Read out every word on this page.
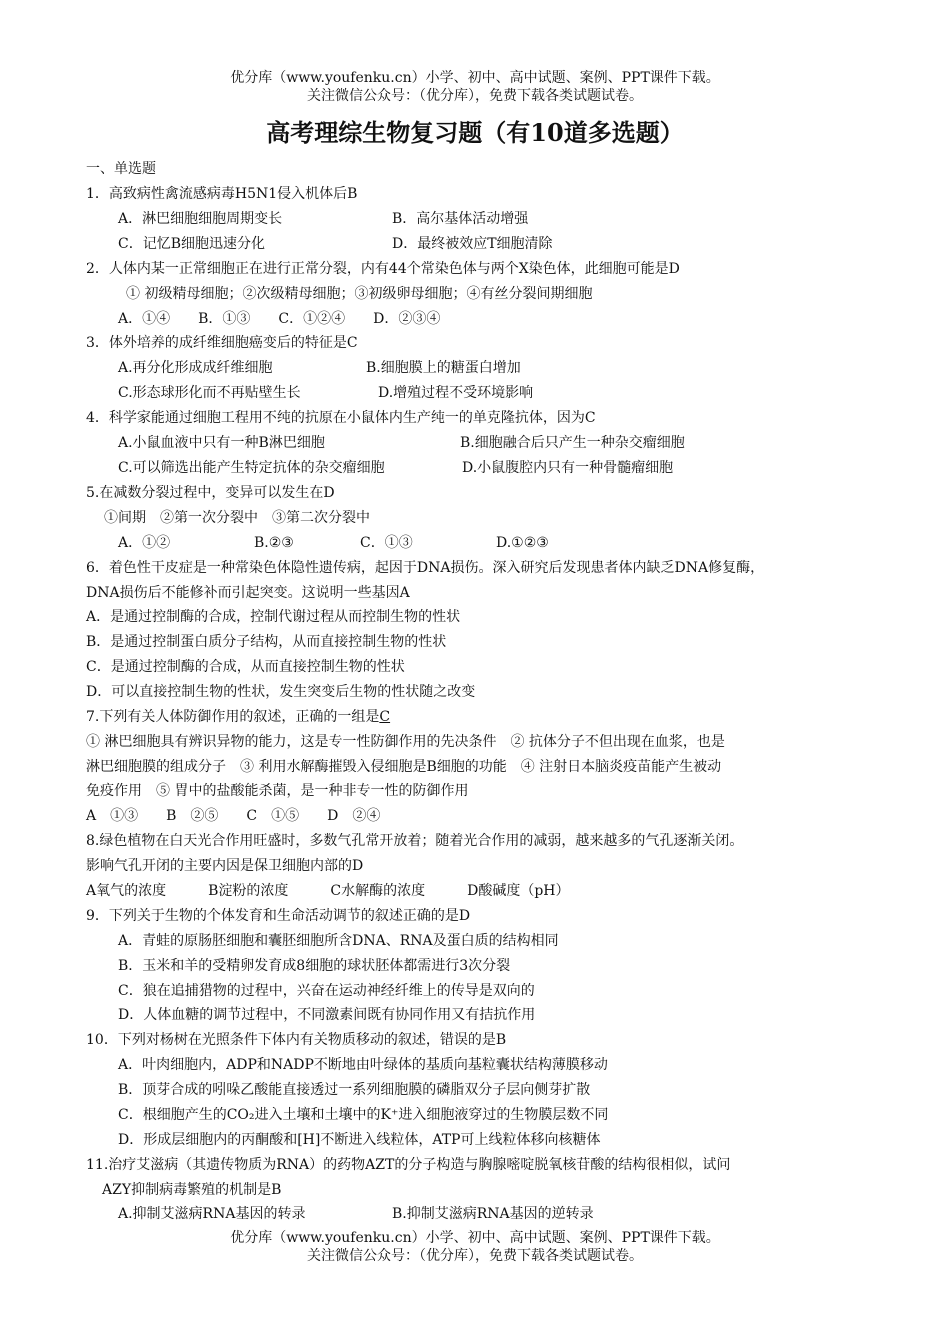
优分库（www.youfenku.cn）小学、初中、高中试题、案例、PPT课件下载。
关注微信公众号：（优分库），免费下载各类试题试卷。
高考理综生物复习题（有10道多选题）
一、单选题
1．高致病性禽流感病毒H5N1侵入机体后B
A．淋巴细胞细胞周期变长	B．高尔基体活动增强
C．记忆B细胞迅速分化	D．最终被效应T细胞清除
2．人体内某一正常细胞正在进行正常分裂，内有44个常染色体与两个X染色体，此细胞可能是D
① 初级精母细胞；②次级精母细胞；③初级卵母细胞；④有丝分裂间期细胞
A．①④　　B．①③　　C．①②④　　D．②③④
3．体外培养的成纤维细胞癌变后的特征是C
A.再分化形成成纤维细胞	B.细胞膜上的糖蛋白增加
C.形态球形化而不再贴壁生长	D.增殖过程不受环境影响
4．科学家能通过细胞工程用不纯的抗原在小鼠体内生产纯一的单克隆抗体，因为C
A.小鼠血液中只有一种B淋巴细胞	B.细胞融合后只产生一种杂交瘤细胞
C.可以筛选出能产生特定抗体的杂交瘤细胞	D.小鼠腹腔内只有一种骨髓瘤细胞
5.在减数分裂过程中，变异可以发生在D
①间期　②第一次分裂中　③第二次分裂中
A．①②	B.②③	C．①③	D.①②③
6．着色性干皮症是一种常染色体隐性遗传病，起因于DNA损伤。深入研究后发现患者体内缺乏DNA修复酶，
DNA损伤后不能修补而引起突变。这说明一些基因A
A．是通过控制酶的合成，控制代谢过程从而控制生物的性状
B．是通过控制蛋白质分子结构，从而直接控制生物的性状
C．是通过控制酶的合成，从而直接控制生物的性状
D．可以直接控制生物的性状，发生突变后生物的性状随之改变
7.下列有关人体防御作用的叙述，正确的一组是C
① 淋巴细胞具有辨识异物的能力，这是专一性防御作用的先决条件　② 抗体分子不但出现在血浆，也是
淋巴细胞膜的组成分子　③ 利用水解酶摧毁入侵细胞是B细胞的功能　④ 注射日本脑炎疫苗能产生被动
免疫作用　⑤ 胃中的盐酸能杀菌，是一种非专一性的防御作用
A　①③　　B　②⑤　　C　①⑤　　D　②④
8.绿色植物在白天光合作用旺盛时，多数气孔常开放着；随着光合作用的减弱，越来越多的气孔逐渐关闭。
影响气孔开闭的主要内因是保卫细胞内部的D
A氧气的浓度　　　B淀粉的浓度　　　C水解酶的浓度　　　D酸碱度（pH）
9．下列关于生物的个体发育和生命活动调节的叙述正确的是D
A．青蛙的原肠胚细胞和囊胚细胞所含DNA、RNA及蛋白质的结构相同
B．玉米和羊的受精卵发育成8细胞的球状胚体都需进行3次分裂
C．狼在追捕猎物的过程中，兴奋在运动神经纤维上的传导是双向的
D．人体血糖的调节过程中，不同激素间既有协同作用又有拮抗作用
10．下列对杨树在光照条件下体内有关物质移动的叙述，错误的是B
A．叶肉细胞内，ADP和NADP不断地由叶绿体的基质向基粒囊状结构薄膜移动
B．顶芽合成的吲哚乙酸能直接透过一系列细胞膜的磷脂双分子层向侧芽扩散
C．根细胞产生的CO₂进入土壤和土壤中的K⁺进入细胞液穿过的生物膜层数不同
D．形成层细胞内的丙酮酸和[H]不断进入线粒体，ATP可上线粒体移向核糖体
11.治疗艾滋病（其遗传物质为RNA）的药物AZT的分子构造与胸腺嘧啶脱氧核苷酸的结构很相似，试问
AZY抑制病毒繁殖的机制是B
A.抑制艾滋病RNA基因的转录	B.抑制艾滋病RNA基因的逆转录
优分库（www.youfenku.cn）小学、初中、高中试题、案例、PPT课件下载。
关注微信公众号：（优分库），免费下载各类试题试卷。
